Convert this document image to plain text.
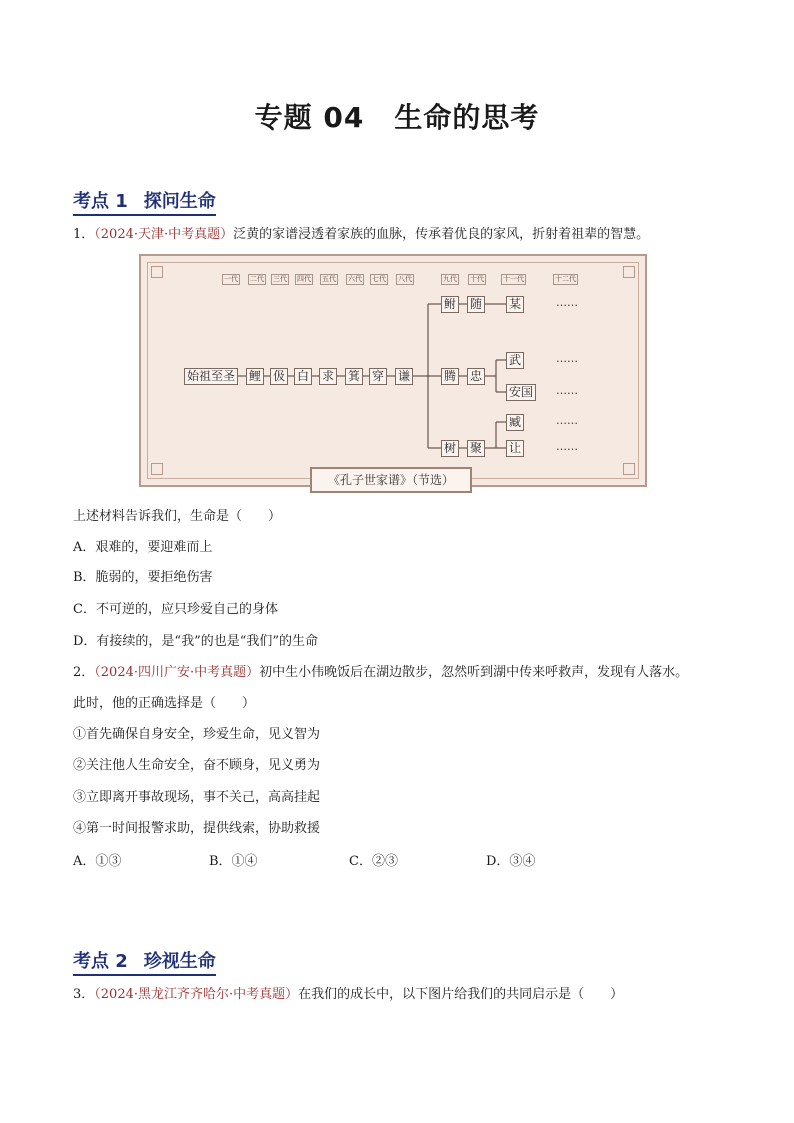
专题 04 生命的思考
考点 1 探问生命
1．（2024·天津·中考真题）泛黄的家谱浸透着家族的血脉，传承着优良的家风，折射着祖辈的智慧。
一代 二代 三代 四代 五代 六代 七代 八代	九代 十代	十一代	十二代
始祖至圣 鲤 伋 白 求 箕 穿 谦
鲋 随 某	……
腾 忠
武
安国
……
……
树 聚
臧
让
……
……
《孔子世家谱》（节选）
上述材料告诉我们，生命是（　　）
A．艰难的，要迎难而上
B．脆弱的，要拒绝伤害
C．不可逆的，应只珍爱自己的身体
D．有接续的，是“我”的也是“我们”的生命
2．（2024·四川广安·中考真题）初中生小伟晚饭后在湖边散步，忽然听到湖中传来呼救声，发现有人落水。
此时，他的正确选择是（　　）
①首先确保自身安全，珍爱生命，见义智为
②关注他人生命安全，奋不顾身，见义勇为
③立即离开事故现场，事不关己，高高挂起
④第一时间报警求助，提供线索，协助救援
A．①③	B．①④	C．②③	D．③④
考点 2 珍视生命
3．（2024·黑龙江齐齐哈尔·中考真题）在我们的成长中，以下图片给我们的共同启示是（　　）
